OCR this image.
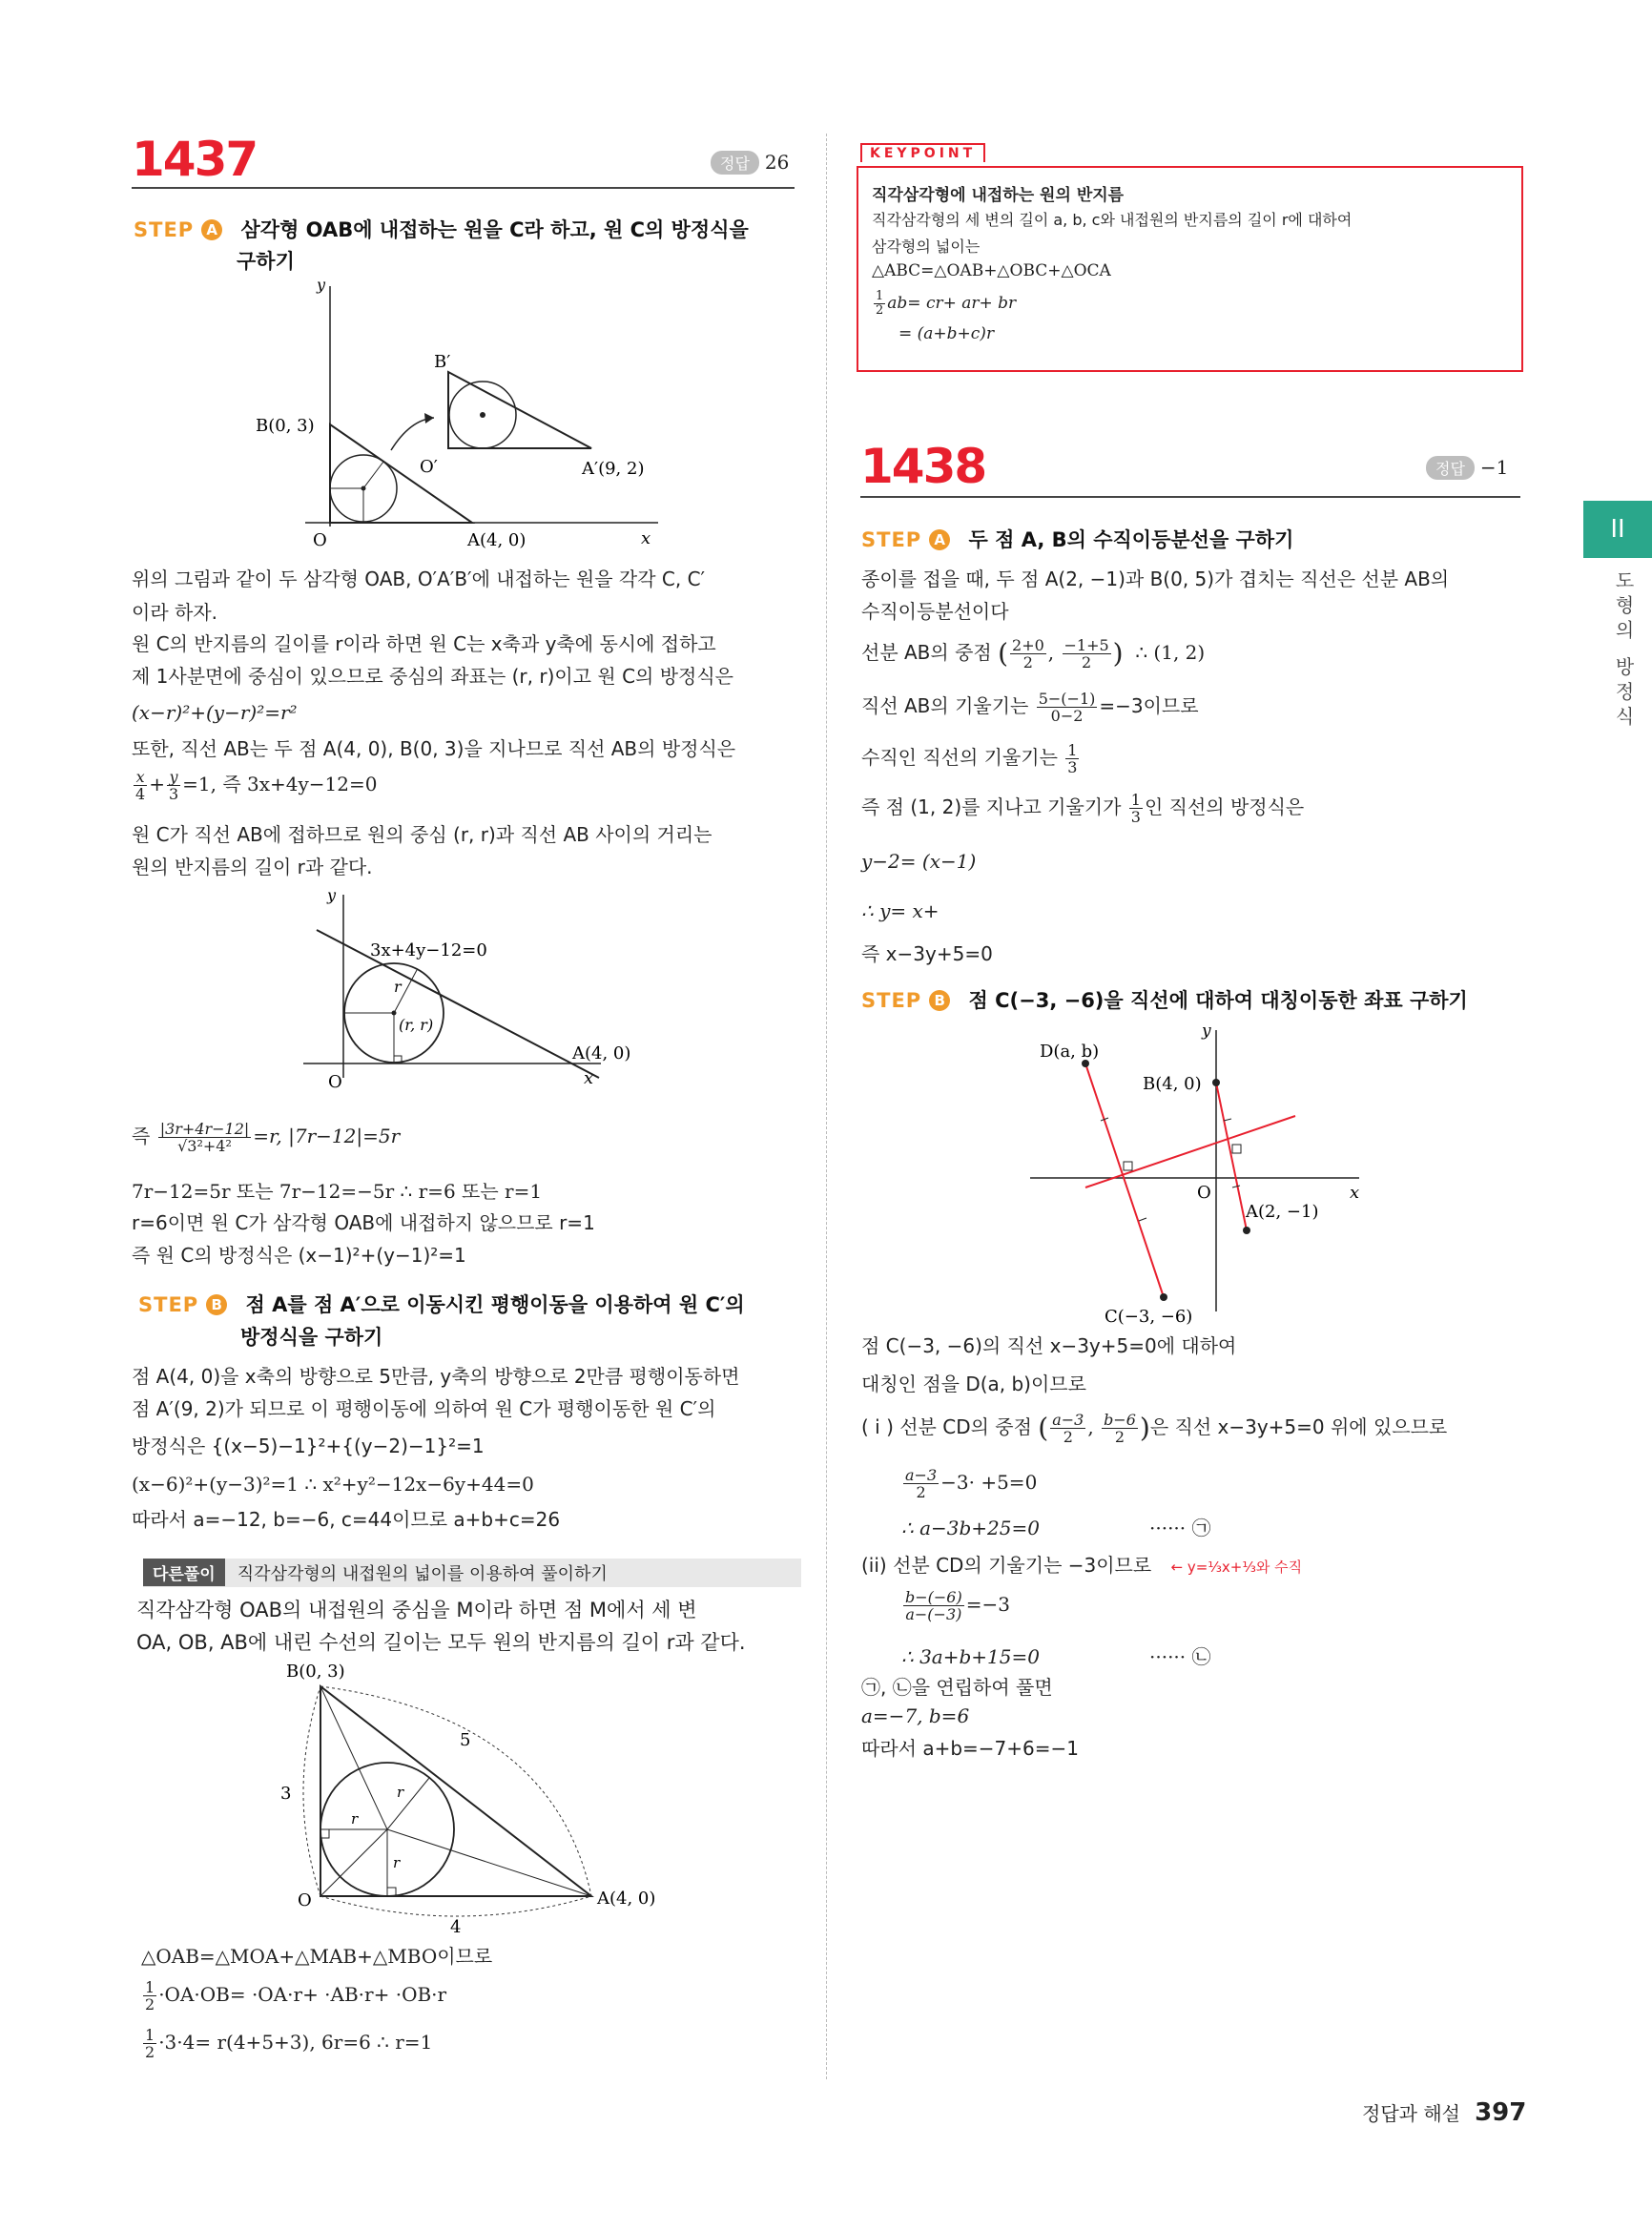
1437	정답 26
STEP A 삼각형 OAB에 내접하는 원을 C라 하고, 원 C의 방정식을
구하기
y
x
O
B(0, 3)
A(4, 0)
B′
O′	A′(9, 2)
위의 그림과 같이 두 삼각형 OAB, O′A′B′에 내접하는 원을 각각 C, C′
이라 하자.
원 C의 반지름의 길이를 r이라 하면 원 C는 x축과 y축에 동시에 접하고
제 1사분면에 중심이 있으므로 중심의 좌표는 (r, r)이고 원 C의 방정식은
(x−r)²+(y−r)²=r²
또한, 직선 AB는 두 점 A(4, 0), B(0, 3)을 지나므로 직선 AB의 방정식은
$\frac{x}{4} + \frac{y}{3} =1$, 즉 3x+4y−12=0
원 C가 직선 AB에 접하므로 원의 중심 (r, r)과 직선 AB 사이의 거리는
원의 반지름의 길이 r과 같다.
y
x
O
3x+4y−12=0
A(4, 0)
r
(r, r)
즉 $\frac{|3r+4r-12|}{\text{√3²+4²}} =r$, |7r−12|=5r
7r−12=5r 또는 7r−12=−5r ∴ r=6 또는 r=1
r=6이면 원 C가 삼각형 OAB에 내접하지 않으므로 r=1
즉 원 C의 방정식은 (x−1)²+(y−1)²=1
STEP B 점 A를 점 A′으로 이동시킨 평행이동을 이용하여 원 C′의
방정식을 구하기
점 A(4, 0)을 x축의 방향으로 5만큼, y축의 방향으로 2만큼 평행이동하면
점 A′(9, 2)가 되므로 이 평행이동에 의하여 원 C가 평행이동한 원 C′의
방정식은 {(x−5)−1}²+{(y−2)−1}²=1
(x−6)²+(y−3)²=1 ∴ x²+y²−12x−6y+44=0
따라서 a=−12, b=−6, c=44이므로 a+b+c=26
다른풀이 직각삼각형의 내접원의 넓이를 이용하여 풀이하기
직각삼각형 OAB의 내접원의 중심을 M이라 하면 점 M에서 세 변
OA, OB, AB에 내린 수선의 길이는 모두 원의 반지름의 길이 r과 같다.
B(0, 3)
O	A(4, 0)
3
4
5
r
r
r
△OAB=△MOA+△MAB+△MBO이므로
$\frac{1}{2} \cdot OA\cdot OB= \cdot OA\cdot r+ \cdot AB\cdot r+ \cdot OB\cdot r$
$\frac{1}{2} \cdot 3\cdot 4= r(4+5+3)$, 6r=6 ∴ r=1
KEYPOINT
직각삼각형에 내접하는 원의 반지름
직각삼각형의 세 변의 길이 a, b, c와 내접원의 반지름의 길이 r에 대하여
삼각형의 넓이는
△ABC=△OAB+△OBC+△OCA
$\frac{1}{2} ab= cr+ ar+$ br
= (a+b+c)r
1438	정답 −1
STEP A 두 점 A, B의 수직이등분선을 구하기
종이를 접을 때, 두 점 A(2, −1)과 B(0, 5)가 겹치는 직선은 선분 AB의
수직이등분선이다
선분 AB의 중점 ( $\frac{2+0}{2}$ , $\frac{-1+5}{2}$ ) ∴ (1, 2)
직선 AB의 기울기는 $\frac{5-(-1)}{0-2} =-3$이므로
수직인 직선의 기울기는 $\frac{1}{3}$
즉 점 (1, 2)를 지나고 기울기가 $\frac{1}{3}$ 인 직선의 방정식은
y−2= (x−1)
∴ y= x+
즉 x−3y+5=0
STEP B 점 C(−3, −6)을 직선에 대하여 대칭이동한 좌표 구하기
y
x
O
D(a, b)
B(4, 0)
A(2, −1)
C(−3, −6)
점 C(−3, −6)의 직선 x−3y+5=0에 대하여
대칭인 점을 D(a, b)이므로
( i ) 선분 CD의 중점 ( $\frac{a-3}{2}$ , $\frac{b-6}{2}$ )은 직선 x−3y+5=0 위에 있으므로
$\frac{a-3}{2} -3\cdot +5=0$
∴ a−3b+25=0	······ ㉠
(ii) 선분 CD의 기울기는 −3이므로 ← y=⅓x+⅓와 수직
$\frac{b-(-6)}{a-(-3)} =-3$
∴ 3a+b+15=0	······ ㉡
㉠, ㉡을 연립하여 풀면
a=−7, b=6
따라서 a+b=−7+6=−1
II
도형의 방정식
정답과 해설 397
